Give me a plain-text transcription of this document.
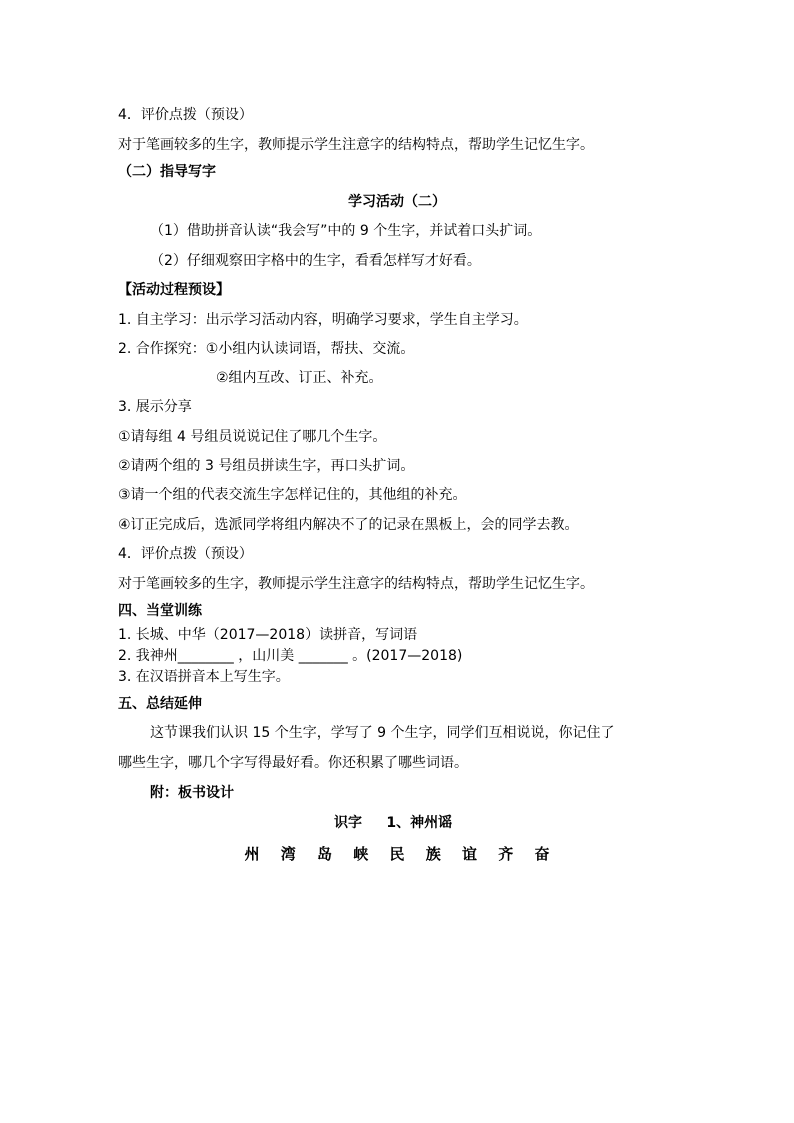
4．评价点拨（预设）
对于笔画较多的生字，教师提示学生注意字的结构特点，帮助学生记忆生字。
（二）指导写字
学习活动（二）
（1）借助拼音认读“我会写”中的 9 个生字，并试着口头扩词。
（2）仔细观察田字格中的生字，看看怎样写才好看。
【活动过程预设】
1. 自主学习：出示学习活动内容，明确学习要求，学生自主学习。
2. 合作探究：①小组内认读词语，帮扶、交流。
②组内互改、订正、补充。
3. 展示分享
①请每组 4 号组员说说记住了哪几个生字。
②请两个组的 3 号组员拼读生字，再口头扩词。
③请一个组的代表交流生字怎样记住的，其他组的补充。
④订正完成后，选派同学将组内解决不了的记录在黑板上，会的同学去教。
4．评价点拨（预设）
对于笔画较多的生字，教师提示学生注意字的结构特点，帮助学生记忆生字。
四、当堂训练
1. 长城、中华（2017—2018）读拼音，写词语
2. 我神州________ ，山川美 _______ 。(2017—2018)
3. 在汉语拼音本上写生字。
五、总结延伸
这节课我们认识 15 个生字，学写了 9 个生字，同学们互相说说，你记住了
哪些生字，哪几个字写得最好看。你还积累了哪些词语。
附：板书设计
识字     1、神州谣
州 湾 岛 峡 民 族 谊 齐 奋
